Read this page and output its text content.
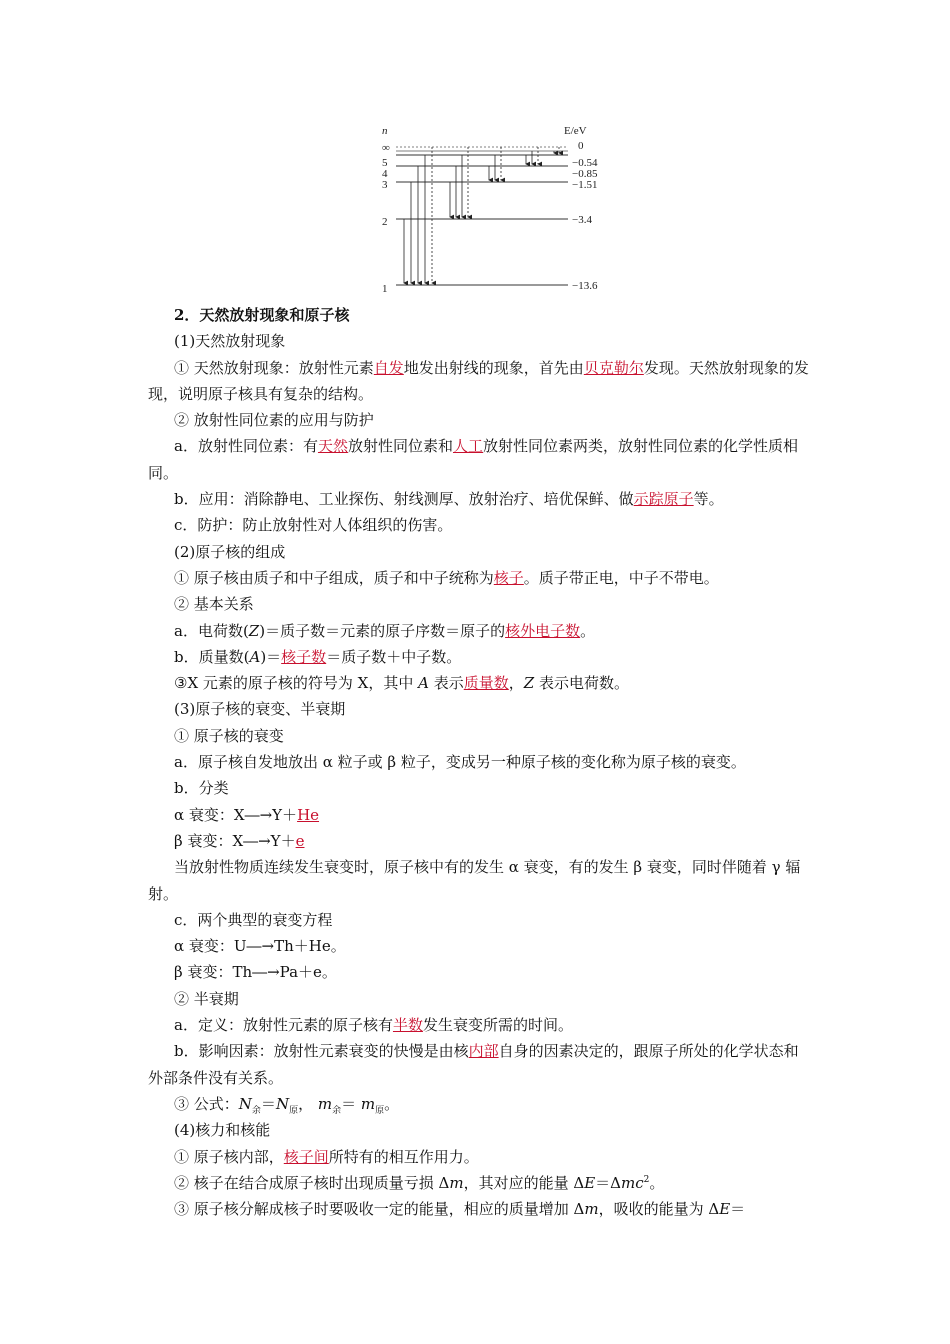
n	E/eV
∞
5
4
3
2
1
0
−0.54
−0.85
−1.51
−3.4
−13.6
2．天然放射现象和原子核
(1)天然放射现象
① 天然放射现象：放射性元素自发地发出射线的现象，首先由贝克勒尔发现。天然放射现象的发现，说明原子核具有复杂的结构。
② 放射性同位素的应用与防护
a．放射性同位素：有天然放射性同位素和人工放射性同位素两类，放射性同位素的化学性质相同。
b．应用：消除静电、工业探伤、射线测厚、放射治疗、培优保鲜、做示踪原子等。
c．防护：防止放射性对人体组织的伤害。
(2)原子核的组成
① 原子核由质子和中子组成，质子和中子统称为核子。质子带正电，中子不带电。
② 基本关系
a．电荷数(Z)＝质子数＝元素的原子序数＝原子的核外电子数。
b．质量数(A)＝核子数＝质子数＋中子数。
③X 元素的原子核的符号为 X，其中 A 表示质量数，Z 表示电荷数。
(3)原子核的衰变、半衰期
① 原子核的衰变
a．原子核自发地放出 α 粒子或 β 粒子，变成另一种原子核的变化称为原子核的衰变。
b．分类
α 衰变：X―→Y＋He
β 衰变：X―→Y＋e
当放射性物质连续发生衰变时，原子核中有的发生 α 衰变，有的发生 β 衰变，同时伴随着 γ 辐射。
c．两个典型的衰变方程
α 衰变：U―→Th＋He。
β 衰变：Th―→Pa＋e。
② 半衰期
a．定义：放射性元素的原子核有半数发生衰变所需的时间。
b．影响因素：放射性元素衰变的快慢是由核内部自身的因素决定的，跟原子所处的化学状态和外部条件没有关系。
③ 公式：$N_余=N_原$， $m_余= m_原$。
(4)核力和核能
① 原子核内部，核子间所特有的相互作用力。
② 核子在结合成原子核时出现质量亏损 Δm，其对应的能量 ΔE＝Δmc$^2$。
③ 原子核分解成核子时要吸收一定的能量，相应的质量增加 Δm，吸收的能量为 ΔE＝
